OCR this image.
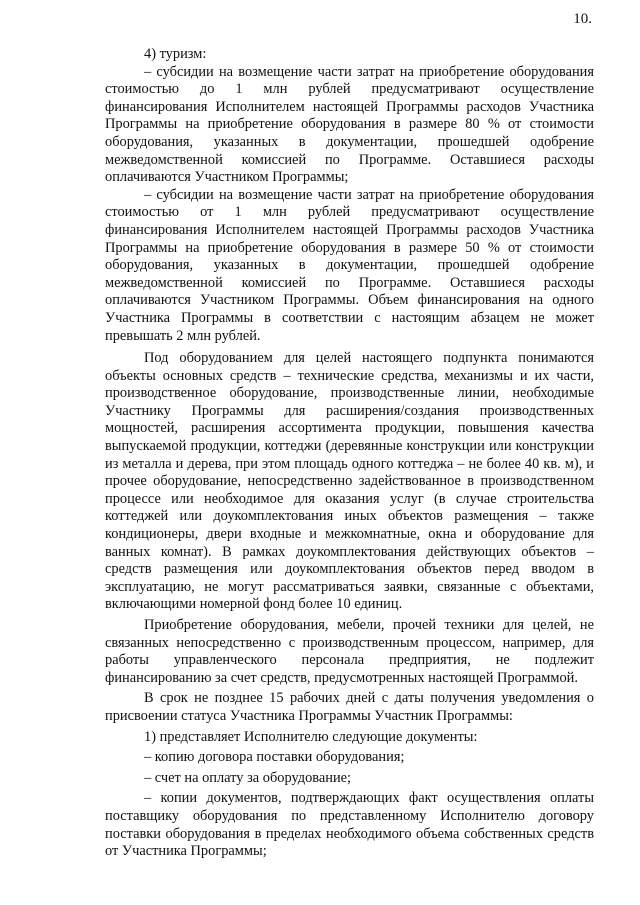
10.

4) туризм:

– субсидии на возмещение части затрат на приобретение оборудования стоимостью до 1 млн рублей предусматривают осуществление финансирования Исполнителем настоящей Программы расходов Участника Программы на приобретение оборудования в размере 80 % от стоимости оборудования, указанных в документации, прошедшей одобрение межведомственной комиссией по Программе. Оставшиеся расходы оплачиваются Участником Программы;

– субсидии на возмещение части затрат на приобретение оборудования стоимостью от 1 млн рублей предусматривают осуществление финансирования Исполнителем настоящей Программы расходов Участника Программы на приобретение оборудования в размере 50 % от стоимости оборудования, указанных в документации, прошедшей одобрение межведомственной комиссией по Программе. Оставшиеся расходы оплачиваются Участником Программы. Объем финансирования на одного Участника Программы в соответствии с настоящим абзацем не может превышать 2 млн рублей.

Под оборудованием для целей настоящего подпункта понимаются объекты основных средств – технические средства, механизмы и их части, производственное оборудование, производственные линии, необходимые Участнику Программы для расширения/создания производственных мощностей, расширения ассортимента продукции, повышения качества выпускаемой продукции, коттеджи (деревянные конструкции или конструкции из металла и дерева, при этом площадь одного коттеджа – не более 40 кв. м), и прочее оборудование, непосредственно задействованное в производственном процессе или необходимое для оказания услуг (в случае строительства коттеджей или доукомплектования иных объектов размещения – также кондиционеры, двери входные и межкомнатные, окна и оборудование для ванных комнат). В рамках доукомплектования действующих объектов – средств размещения или доукомплектования объектов перед вводом в эксплуатацию, не могут рассматриваться заявки, связанные с объектами, включающими номерной фонд более 10 единиц.

Приобретение оборудования, мебели, прочей техники для целей, не связанных непосредственно с производственным процессом, например, для работы управленческого персонала предприятия, не подлежит финансированию за счет средств, предусмотренных настоящей Программой.

В срок не позднее 15 рабочих дней с даты получения уведомления о присвоении статуса Участника Программы Участник Программы:

1) представляет Исполнителю следующие документы:

– копию договора поставки оборудования;

– счет на оплату за оборудование;

– копии документов, подтверждающих факт осуществления оплаты поставщику оборудования по представленному Исполнителю договору поставки оборудования в пределах необходимого объема собственных средств от Участника Программы;
